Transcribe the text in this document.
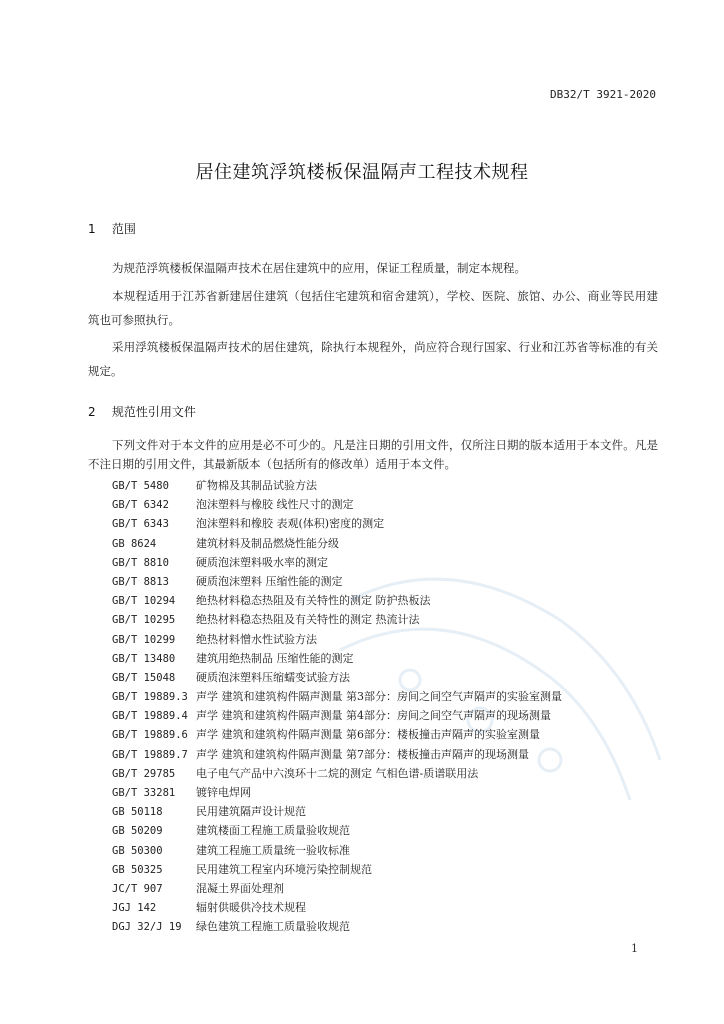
DB32/T 3921-2020
居住建筑浮筑楼板保温隔声工程技术规程
1 范围
为规范浮筑楼板保温隔声技术在居住建筑中的应用，保证工程质量，制定本规程。
本规程适用于江苏省新建居住建筑（包括住宅建筑和宿舍建筑），学校、医院、旅馆、办公、商业等民用建筑也可参照执行。
采用浮筑楼板保温隔声技术的居住建筑，除执行本规程外，尚应符合现行国家、行业和江苏省等标准的有关规定。
2 规范性引用文件
下列文件对于本文件的应用是必不可少的。凡是注日期的引用文件，仅所注日期的版本适用于本文件。凡是不注日期的引用文件，其最新版本（包括所有的修改单）适用于本文件。
GB/T 5480 矿物棉及其制品试验方法
GB/T 6342 泡沫塑料与橡胶 线性尺寸的测定
GB/T 6343 泡沫塑料和橡胶 表观(体积)密度的测定
GB 8624	建筑材料及制品燃烧性能分级
GB/T 8810 硬质泡沫塑料吸水率的测定
GB/T 8813 硬质泡沫塑料 压缩性能的测定
GB/T 10294 绝热材料稳态热阻及有关特性的测定 防护热板法
GB/T 10295 绝热材料稳态热阻及有关特性的测定 热流计法
GB/T 10299 绝热材料憎水性试验方法
GB/T 13480 建筑用绝热制品 压缩性能的测定
GB/T 15048 硬质泡沫塑料压缩蠕变试验方法
GB/T 19889.3 声学 建筑和建筑构件隔声测量 第3部分：房间之间空气声隔声的实验室测量
GB/T 19889.4 声学 建筑和建筑构件隔声测量 第4部分：房间之间空气声隔声的现场测量
GB/T 19889.6 声学 建筑和建筑构件隔声测量 第6部分：楼板撞击声隔声的实验室测量
GB/T 19889.7 声学 建筑和建筑构件隔声测量 第7部分：楼板撞击声隔声的现场测量
GB/T 29785 电子电气产品中六溴环十二烷的测定 气相色谱-质谱联用法
GB/T 33281 镀锌电焊网
GB 50118	民用建筑隔声设计规范
GB 50209	建筑楼面工程施工质量验收规范
GB 50300	建筑工程施工质量统一验收标准
GB 50325	民用建筑工程室内环境污染控制规范
JC/T 907	混凝土界面处理剂
JGJ 142	辐射供暖供冷技术规程
DGJ 32/J 19 绿色建筑工程施工质量验收规范
1
